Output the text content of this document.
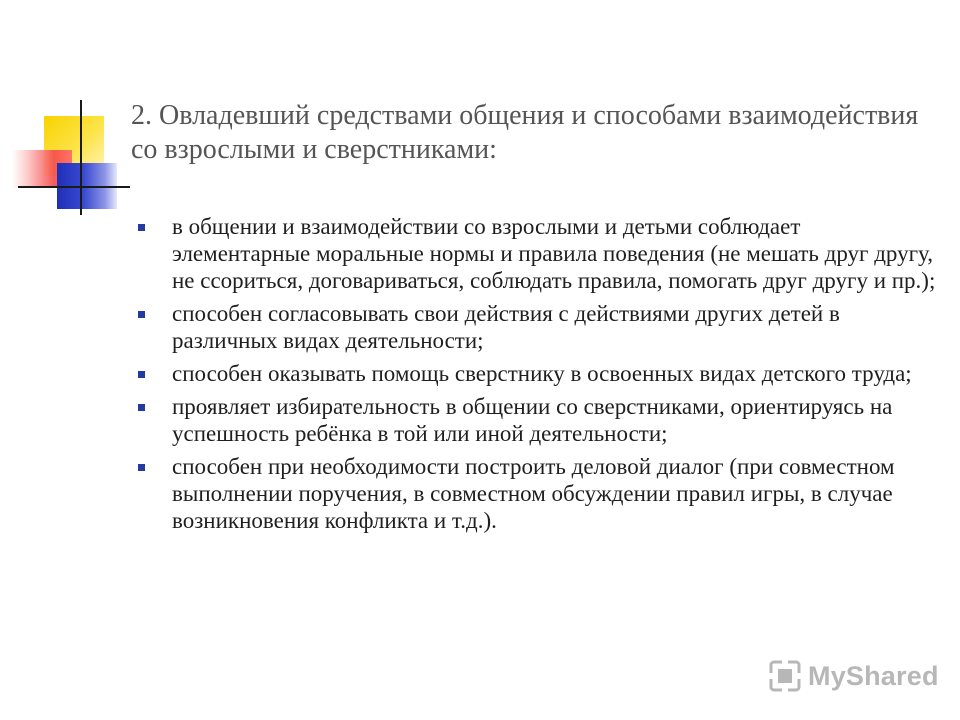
2. Овладевший средствами общения и способами взаимодействия со взрослыми и сверстниками:
в общении и взаимодействии со взрослыми и детьми соблюдает элементарные моральные нормы и правила поведения (не мешать друг другу, не ссориться, договариваться, соблюдать правила, помогать друг другу и пр.);
способен согласовывать свои действия с действиями других детей в различных видах деятельности;
способен оказывать помощь сверстнику в освоенных видах детского труда;
проявляет избирательность в общении со сверстниками, ориентируясь на успешность ребёнка в той или иной деятельности;
способен при необходимости построить деловой диалог (при совместном выполнении поручения, в совместном обсуждении правил игры, в случае возникновения конфликта и т.д.).
MyShared
